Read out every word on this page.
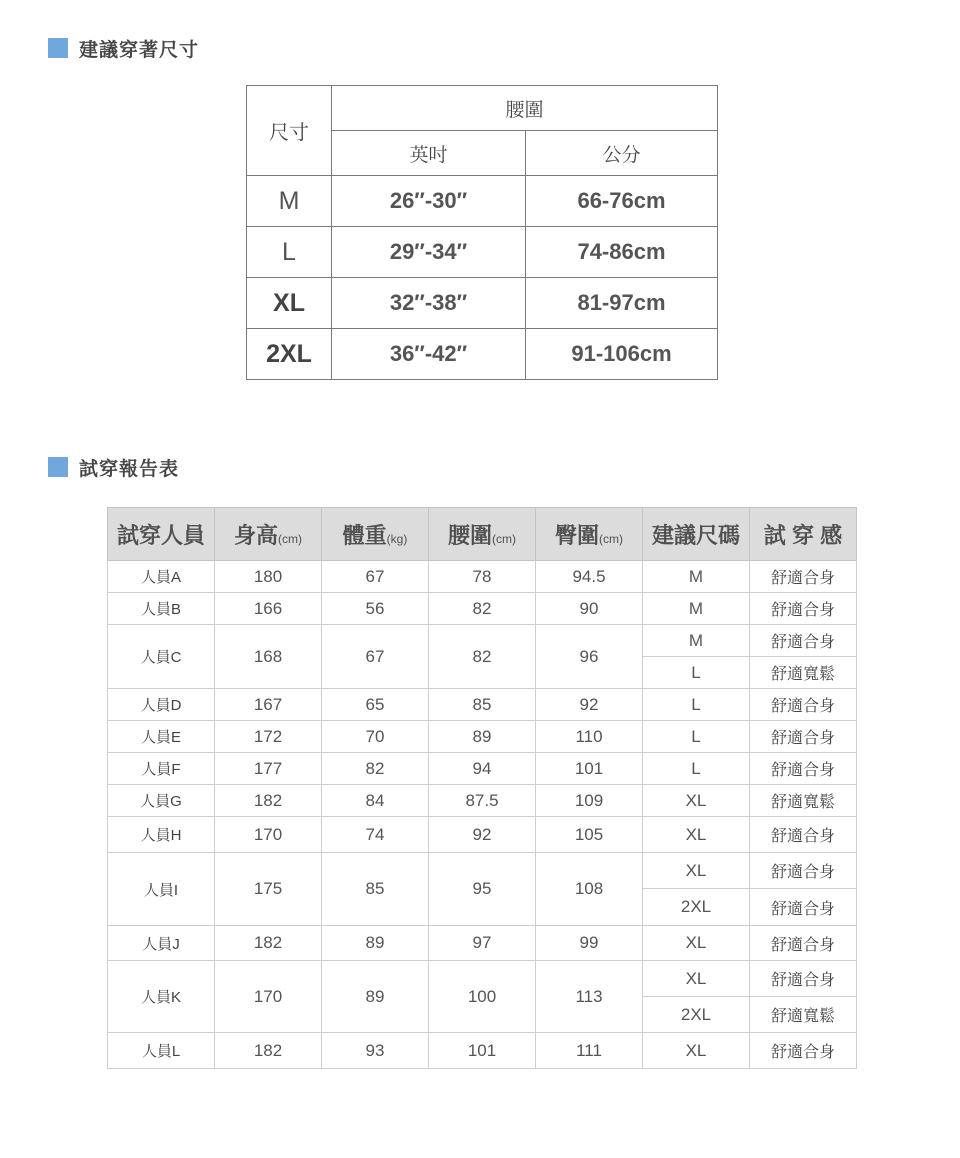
建議穿著尺寸
尺寸	腰圍	
	英吋	公分
M	26″-30″	66-76cm
L	29″-34″	74-86cm
XL	32″-38″	81-97cm
2XL	36″-42″	91-106cm
試穿報告表
試穿人員	身高(cm)	體重(kg)	腰圍(cm)	臀圍(cm)	建議尺碼	試 穿 感
人員A	180	67	78	94.5	M	舒適合身
人員B	166	56	82	90	M	舒適合身
人員C	168	67	82	96	M	舒適合身
					L	舒適寬鬆
人員D	167	65	85	92	L	舒適合身
人員E	172	70	89	110	L	舒適合身
人員F	177	82	94	101	L	舒適合身
人員G	182	84	87.5	109	XL	舒適寬鬆
人員H	170	74	92	105	XL	舒適合身
人員I	175	85	95	108	XL	舒適合身
					2XL	舒適合身
人員J	182	89	97	99	XL	舒適合身
人員K	170	89	100	113	XL	舒適合身
					2XL	舒適寬鬆
人員L	182	93	101	111	XL	舒適合身
